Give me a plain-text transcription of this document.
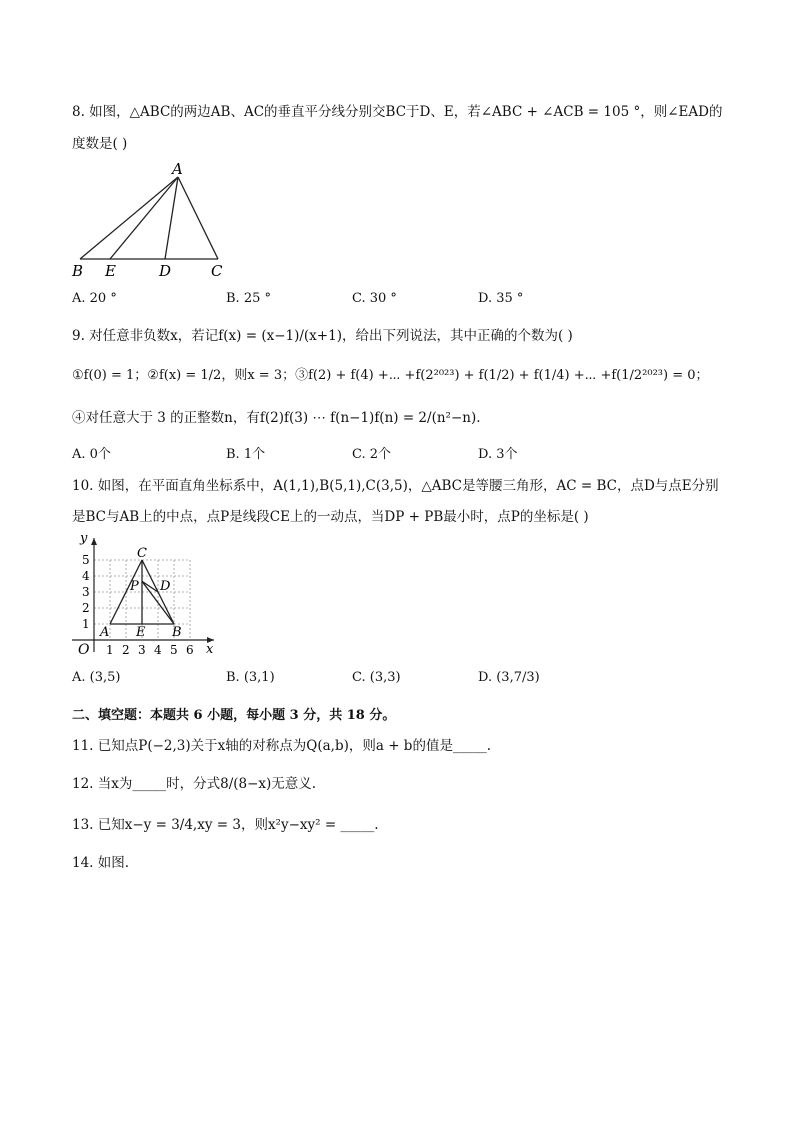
8. 如图，△ABC的两边AB、AC的垂直平分线分别交BC于D、E，若∠ABC + ∠ACB = 105 °，则∠EAD的
度数是( )
A
B E	D	C
A. 20 °	B. 25 °	C. 30 °	D. 35 °
9. 对任意非负数x，若记f(x) = (x−1)/(x+1)，给出下列说法，其中正确的个数为( )
①f(0) = 1；②f(x) = 1/2，则x = 3；③f(2) + f(4) +⋯ +f(2²⁰²³) + f(1/2) + f(1/4) +⋯ +f(1/2²⁰²³) = 0；
④对任意大于 3 的正整数n，有f(2)f(3) ⋯ f(n−1)f(n) = 2/(n²−n).
A. 0个	B. 1个	C. 2个	D. 3个
10. 如图，在平面直角坐标系中，A(1,1),B(5,1),C(3,5)，△ABC是等腰三角形，AC = BC，点D与点E分别
是BC与AB上的中点，点P是线段CE上的一动点，当DP + PB最小时，点P的坐标是( )
x
y
O 1 2 3 4 5 6
1
2
3
4
5	C
P D
A E B
A. (3,5)	B. (3,1)	C. (3,3)	D. (3,7/3)
二、填空题：本题共 6 小题，每小题 3 分，共 18 分。
11. 已知点P(−2,3)关于x轴的对称点为Q(a,b)，则a + b的值是_____.
12. 当x为_____时，分式8/(8−x)无意义.
13. 已知x−y = 3/4,xy = 3，则x²y−xy² = _____.
14. 如图.
